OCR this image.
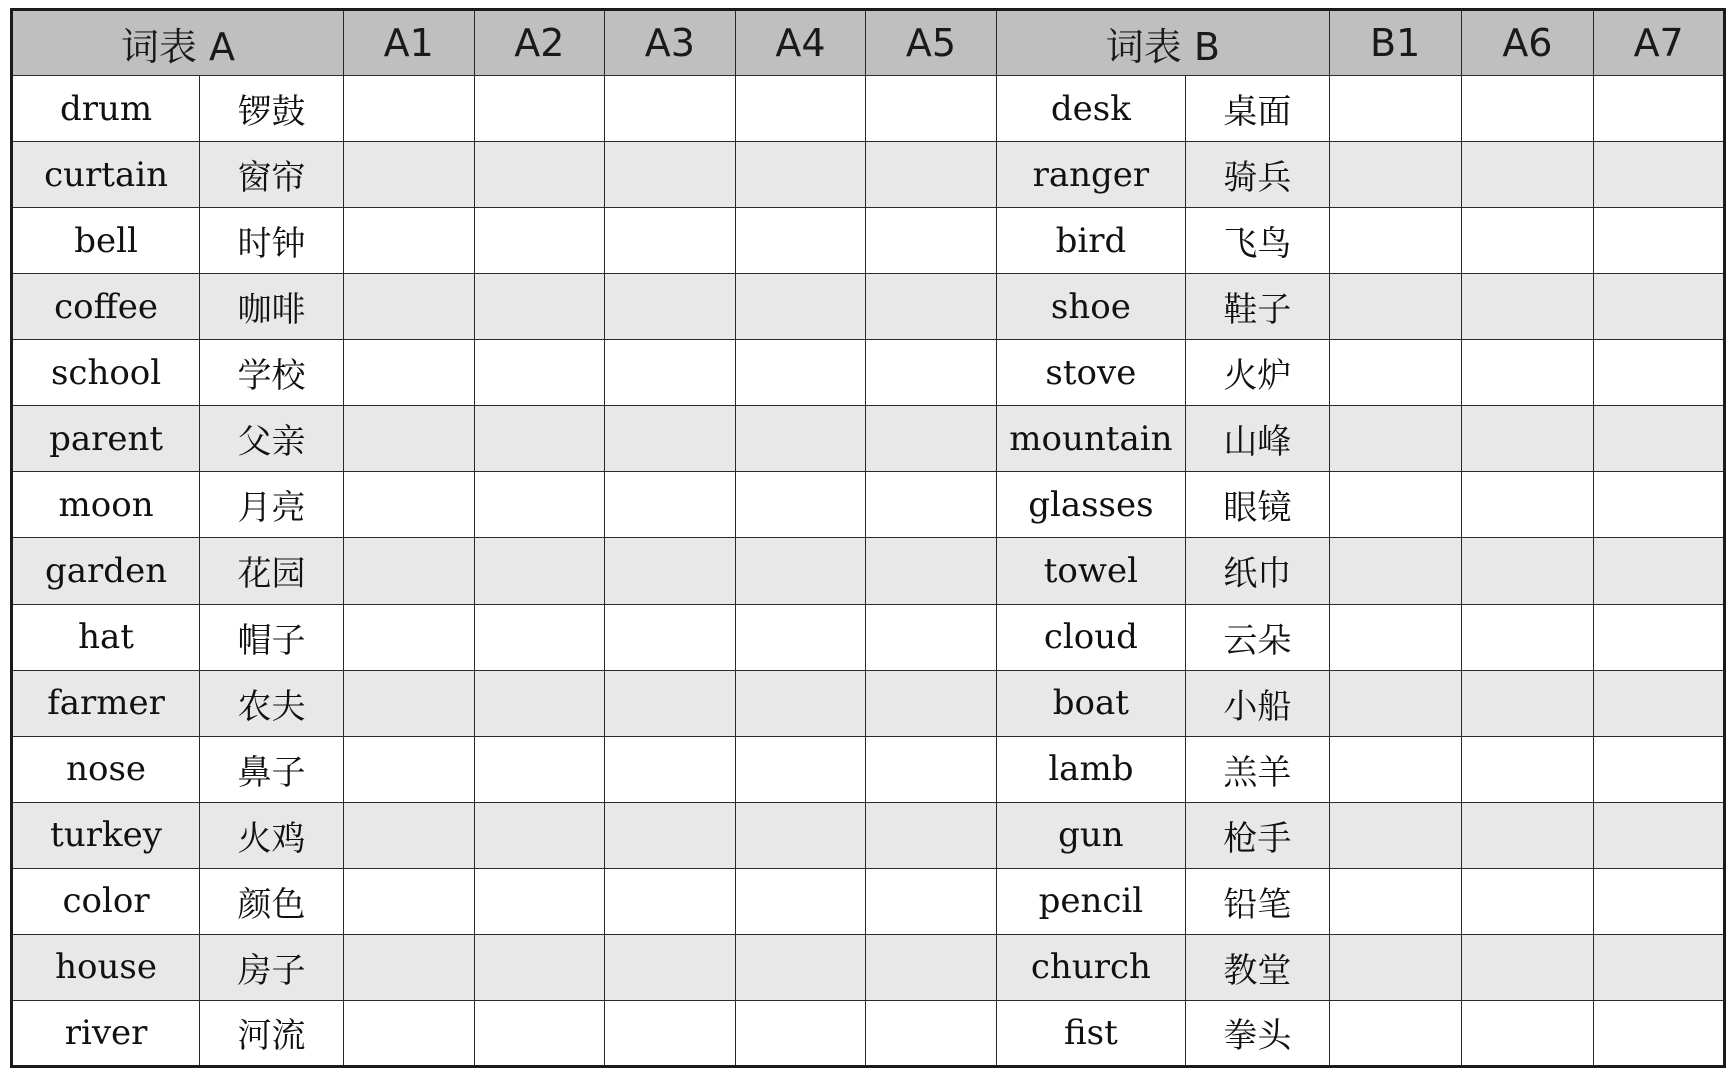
词表 A		A1	A2	A3	A4	A5	词表 B		B1	A6	A7
drum	锣鼓						desk	桌面			
curtain	窗帘						ranger	骑兵			
bell	时钟						bird	飞鸟			
coffee	咖啡						shoe	鞋子			
school	学校						stove	火炉			
parent	父亲						mountain	山峰			
moon	月亮						glasses	眼镜			
garden	花园						towel	纸巾			
hat	帽子						cloud	云朵			
farmer	农夫						boat	小船			
nose	鼻子						lamb	羔羊			
turkey	火鸡						gun	枪手			
color	颜色						pencil	铅笔			
house	房子						church	教堂			
river	河流						fist	拳头			
